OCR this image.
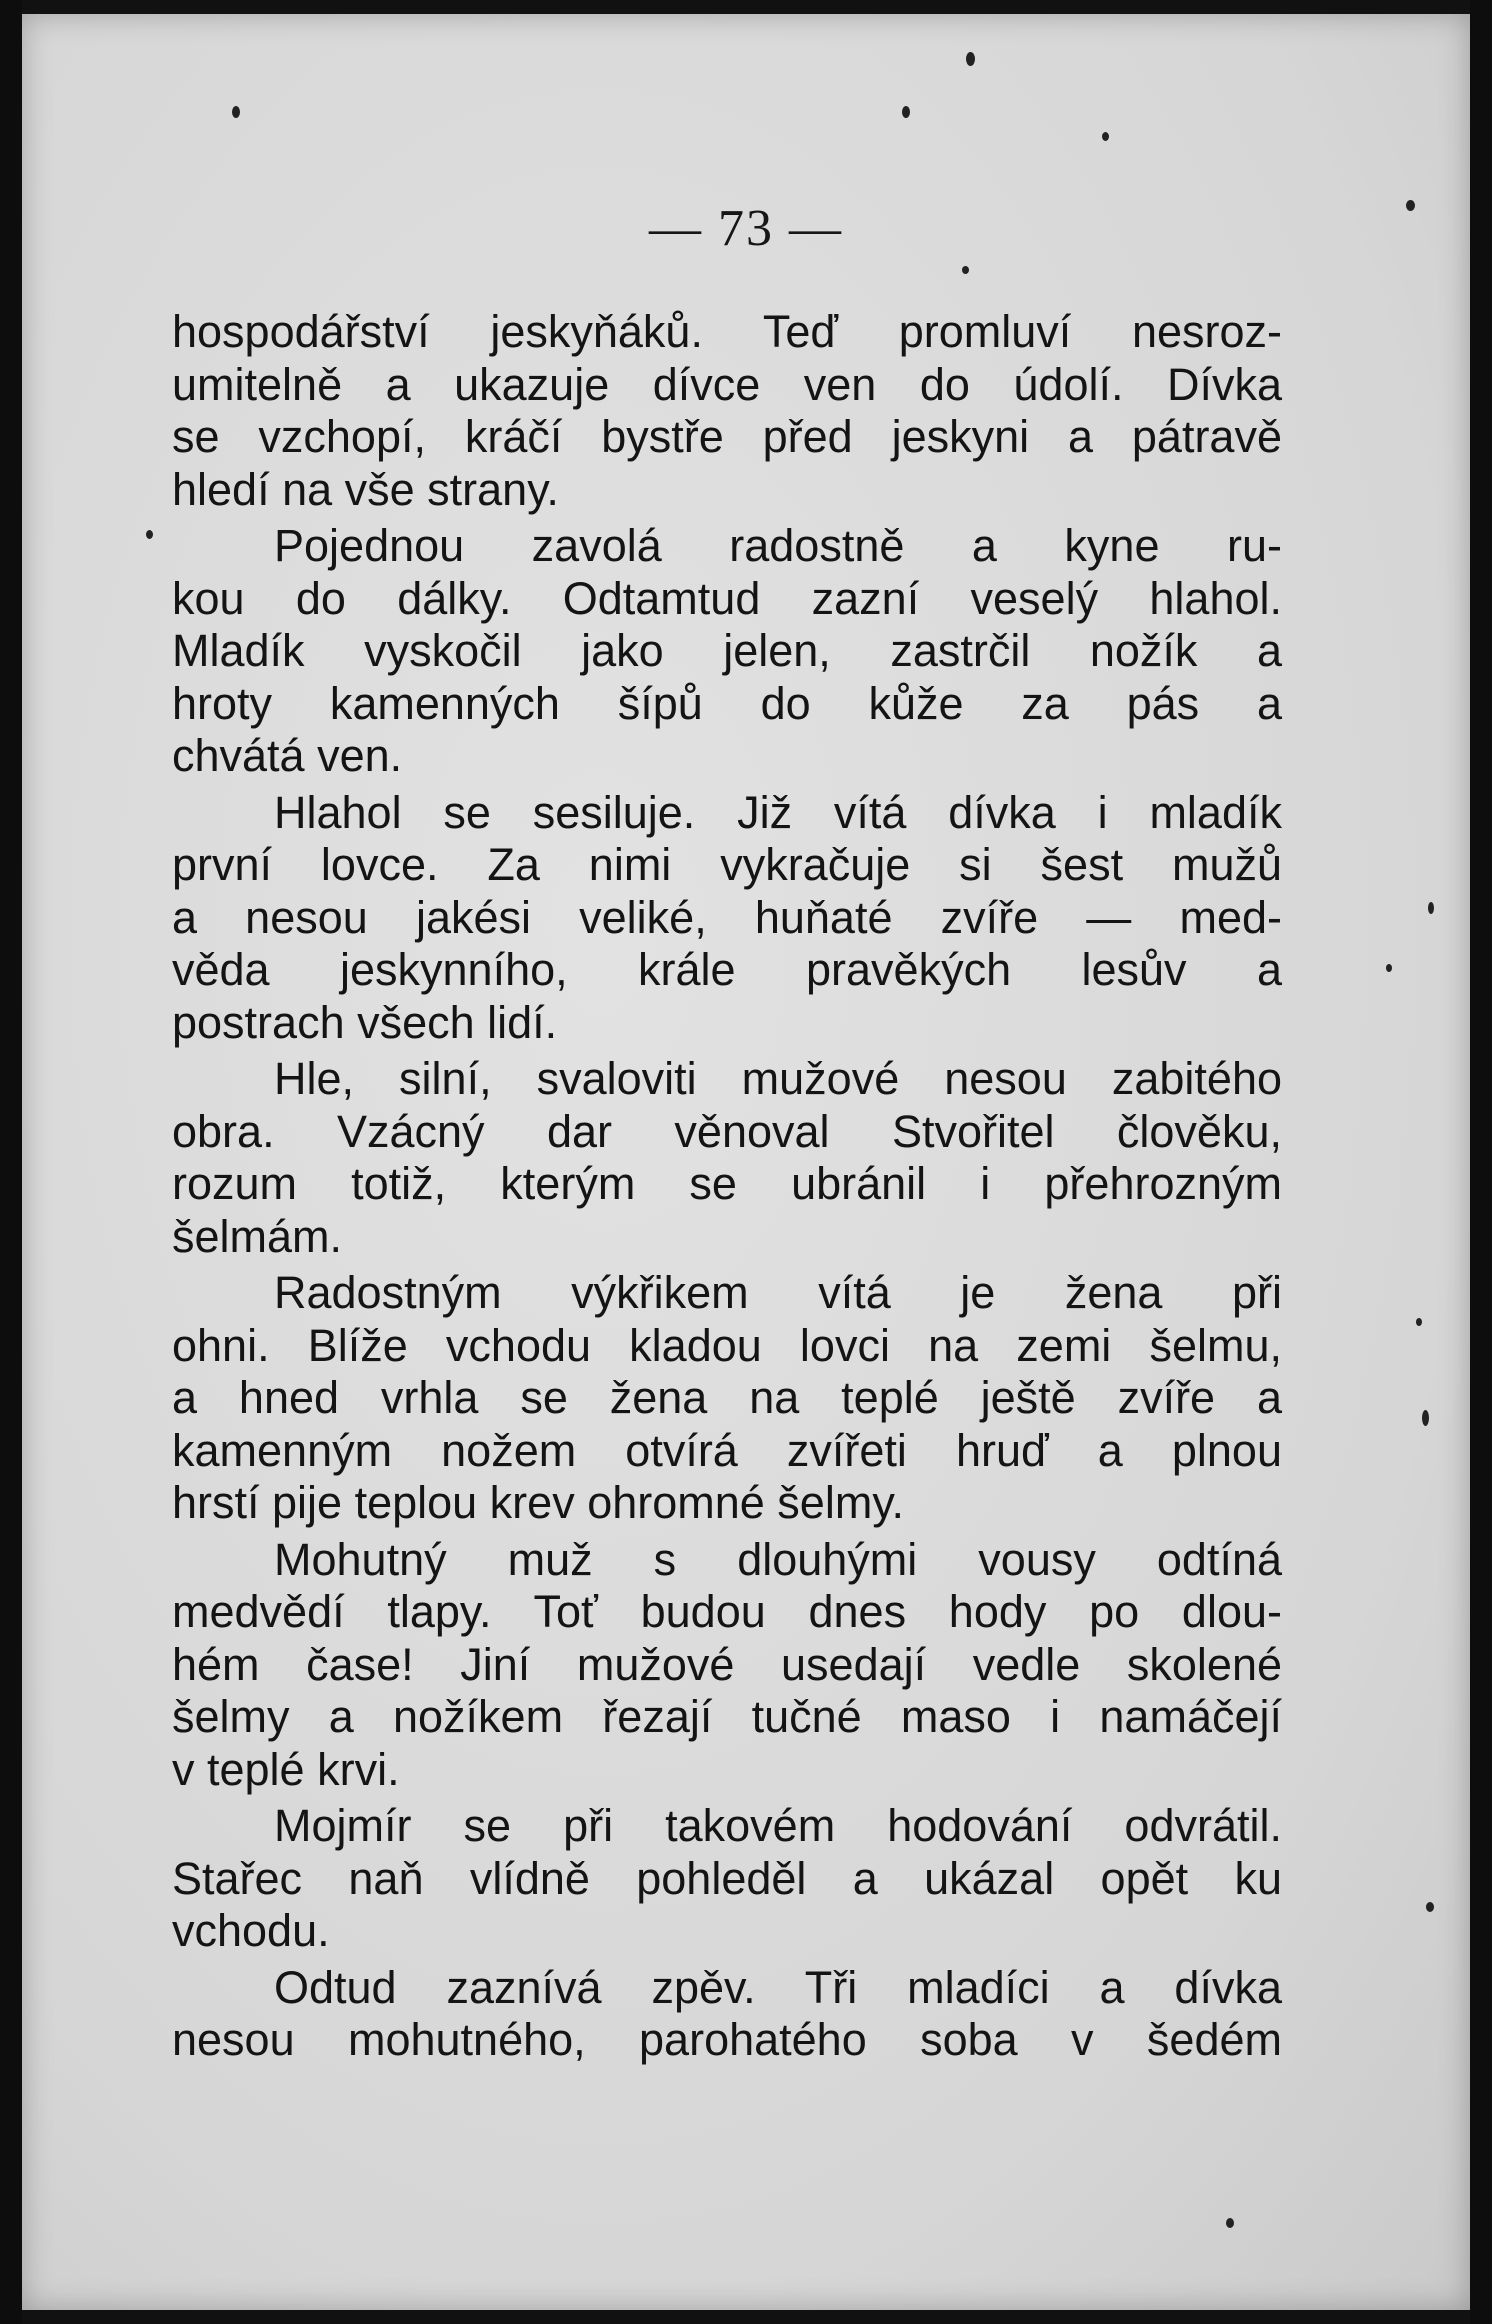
— 73 —
hospodářství jeskyňáků. Teď promluví nesroz-
umitelně a ukazuje dívce ven do údolí. Dívka
se vzchopí, kráčí bystře před jeskyni a pátravě
hledí na vše strany.
Pojednou zavolá radostně a kyne ru-
kou do dálky. Odtamtud zazní veselý hlahol.
Mladík vyskočil jako jelen, zastrčil nožík a
hroty kamenných šípů do kůže za pás a
chvátá ven.
Hlahol se sesiluje. Již vítá dívka i mladík
první lovce. Za nimi vykračuje si šest mužů
a nesou jakési veliké, huňaté zvíře — med-
věda jeskynního, krále pravěkých lesův a
postrach všech lidí.
Hle, silní, svaloviti mužové nesou zabitého
obra. Vzácný dar věnoval Stvořitel člověku,
rozum totiž, kterým se ubránil i přehrozným
šelmám.
Radostným výkřikem vítá je žena při
ohni. Blíže vchodu kladou lovci na zemi šelmu,
a hned vrhla se žena na teplé ještě zvíře a
kamenným nožem otvírá zvířeti hruď a plnou
hrstí pije teplou krev ohromné šelmy.
Mohutný muž s dlouhými vousy odtíná
medvědí tlapy. Toť budou dnes hody po dlou-
hém čase! Jiní mužové usedají vedle skolené
šelmy a nožíkem řezají tučné maso i namáčejí
v teplé krvi.
Mojmír se při takovém hodování odvrátil.
Stařec naň vlídně pohleděl a ukázal opět ku
vchodu.
Odtud zaznívá zpěv. Tři mladíci a dívka
nesou mohutného, parohatého soba v šedém
